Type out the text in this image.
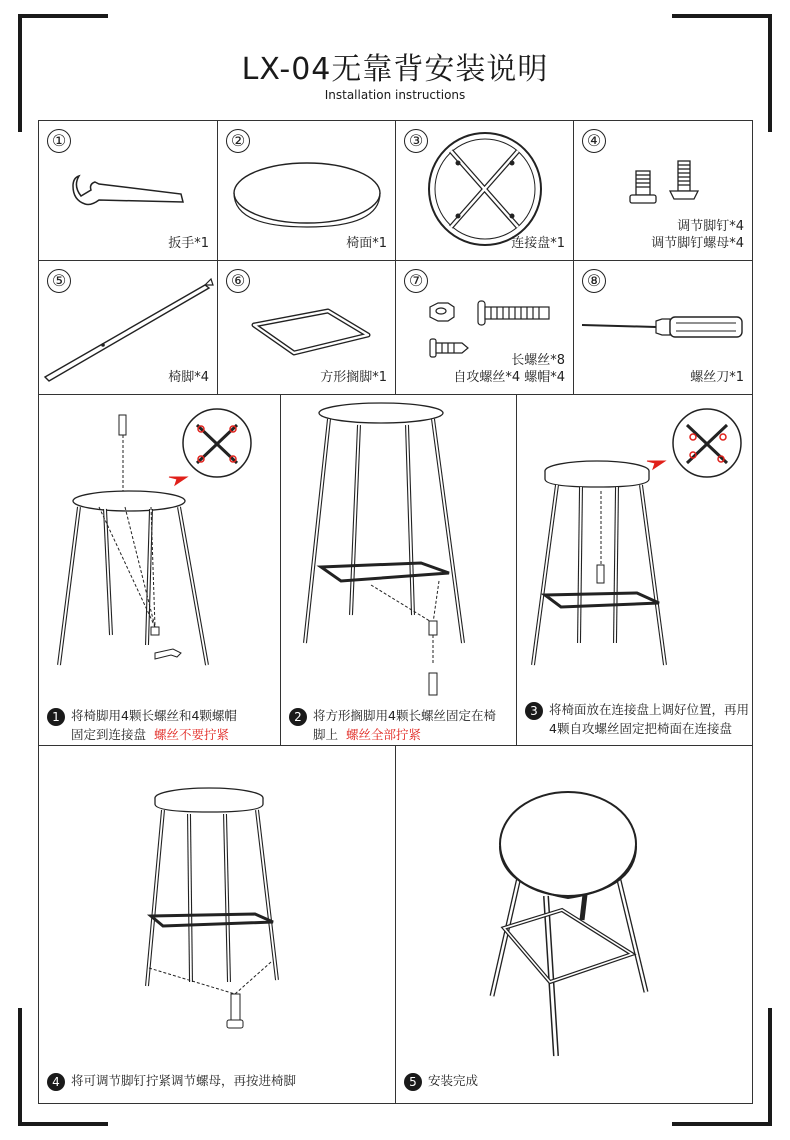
LX-04无靠背安装说明
Installation instructions
①
扳手*1
②
椅面*1
③
连接盘*1
④
调节脚钉*4
调节脚钉螺母*4
⑤
椅脚*4
⑥
方形搁脚*1
⑦
长螺丝*8
自攻螺丝*4 螺帽*4
⑧
螺丝刀*1
1 将椅脚用4颗长螺丝和4颗螺帽
固定到连接盘 螺丝不要拧紧
2 将方形搁脚用4颗长螺丝固定在椅
脚上 螺丝全部拧紧
3 将椅面放在连接盘上调好位置，再用
4颗自攻螺丝固定把椅面在连接盘
4 将可调节脚钉拧紧调节螺母，再按进椅脚	5 安装完成
